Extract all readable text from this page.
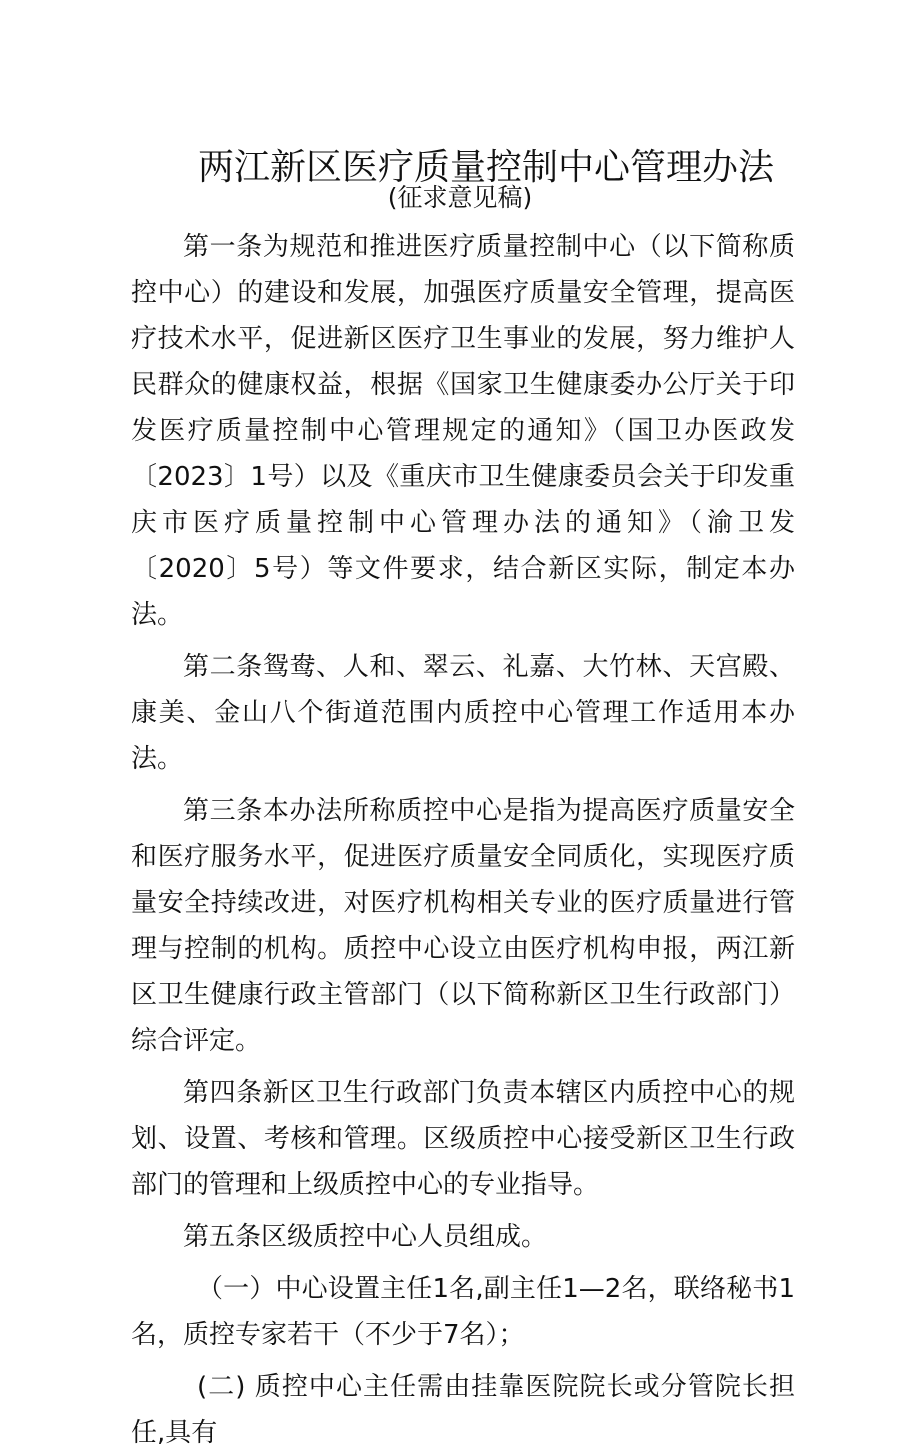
两江新区医疗质量控制中心管理办法
(征求意见稿)

第一条为规范和推进医疗质量控制中心（以下简称质控中心）的建设和发展，加强医疗质量安全管理，提高医疗技术水平，促进新区医疗卫生事业的发展，努力维护人民群众的健康权益，根据《国家卫生健康委办公厅关于印发医疗质量控制中心管理规定的通知》（国卫办医政发〔2023〕1号）以及《重庆市卫生健康委员会关于印发重庆市医疗质量控制中心管理办法的通知》（渝卫发〔2020〕5号）等文件要求，结合新区实际，制定本办法。

第二条鸳鸯、人和、翠云、礼嘉、大竹林、天宫殿、康美、金山八个街道范围内质控中心管理工作适用本办法。

第三条本办法所称质控中心是指为提高医疗质量安全和医疗服务水平，促进医疗质量安全同质化，实现医疗质量安全持续改进，对医疗机构相关专业的医疗质量进行管理与控制的机构。质控中心设立由医疗机构申报，两江新区卫生健康行政主管部门（以下简称新区卫生行政部门）综合评定。

第四条新区卫生行政部门负责本辖区内质控中心的规划、设置、考核和管理。区级质控中心接受新区卫生行政部门的管理和上级质控中心的专业指导。

第五条区级质控中心人员组成。

（一）中心设置主任1名,副主任1—2名，联络秘书1名，质控专家若干（不少于7名）；

(二) 质控中心主任需由挂靠医院院长或分管院长担任,具有
